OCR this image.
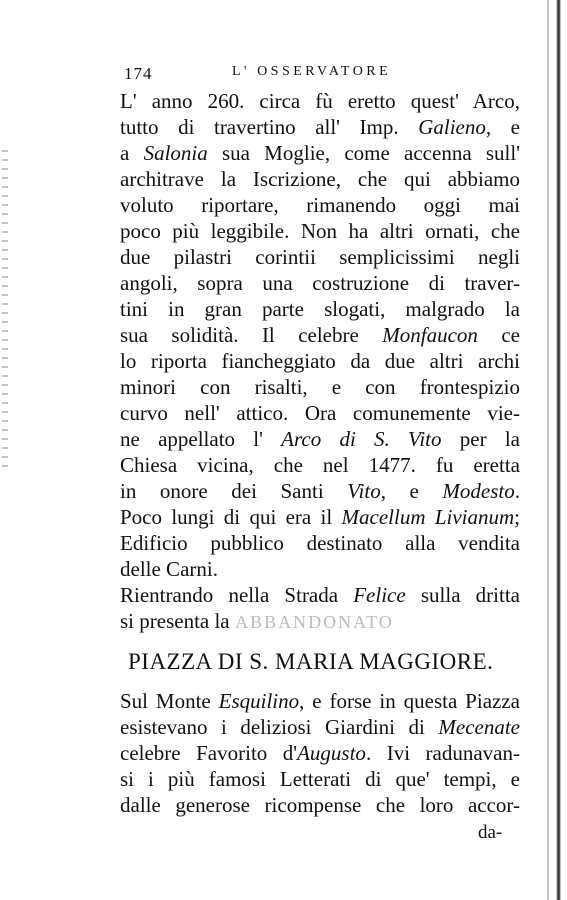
174	L' OSSERVATORE
L' anno 260. circa fù eretto quest' Arco,
tutto di travertino all' Imp. Galieno, e
a Salonia sua Moglie, come accenna sull'
architrave la Iscrizione, che qui abbiamo
voluto riportare, rimanendo oggi mai
poco più leggibile. Non ha altri ornati, che
due pilastri corintii semplicissimi negli
angoli, sopra una costruzione di traver-
tini in gran parte slogati, malgrado la
sua solidità. Il celebre Monfaucon ce
lo riporta fiancheggiato da due altri archi
minori con risalti, e con frontespizio
curvo nell' attico. Ora comunemente vie-
ne appellato l' Arco di S. Vito per la
Chiesa vicina, che nel 1477. fu eretta
in onore dei Santi Vito, e Modesto.
Poco lungi di qui era il Macellum Livianum;
Edificio pubblico destinato alla vendita
delle Carni.
Rientrando nella Strada Felice sulla dritta
si presenta la ABBANDONATO
PIAZZA DI S. MARIA MAGGIORE.
Sul Monte Esquilino, e forse in questa Piazza
esistevano i deliziosi Giardini di Mecenate
celebre Favorito d'Augusto. Ivi radunavan-
si i più famosi Letterati di que' tempi, e
dalle generose ricompense che loro accor-
da-
